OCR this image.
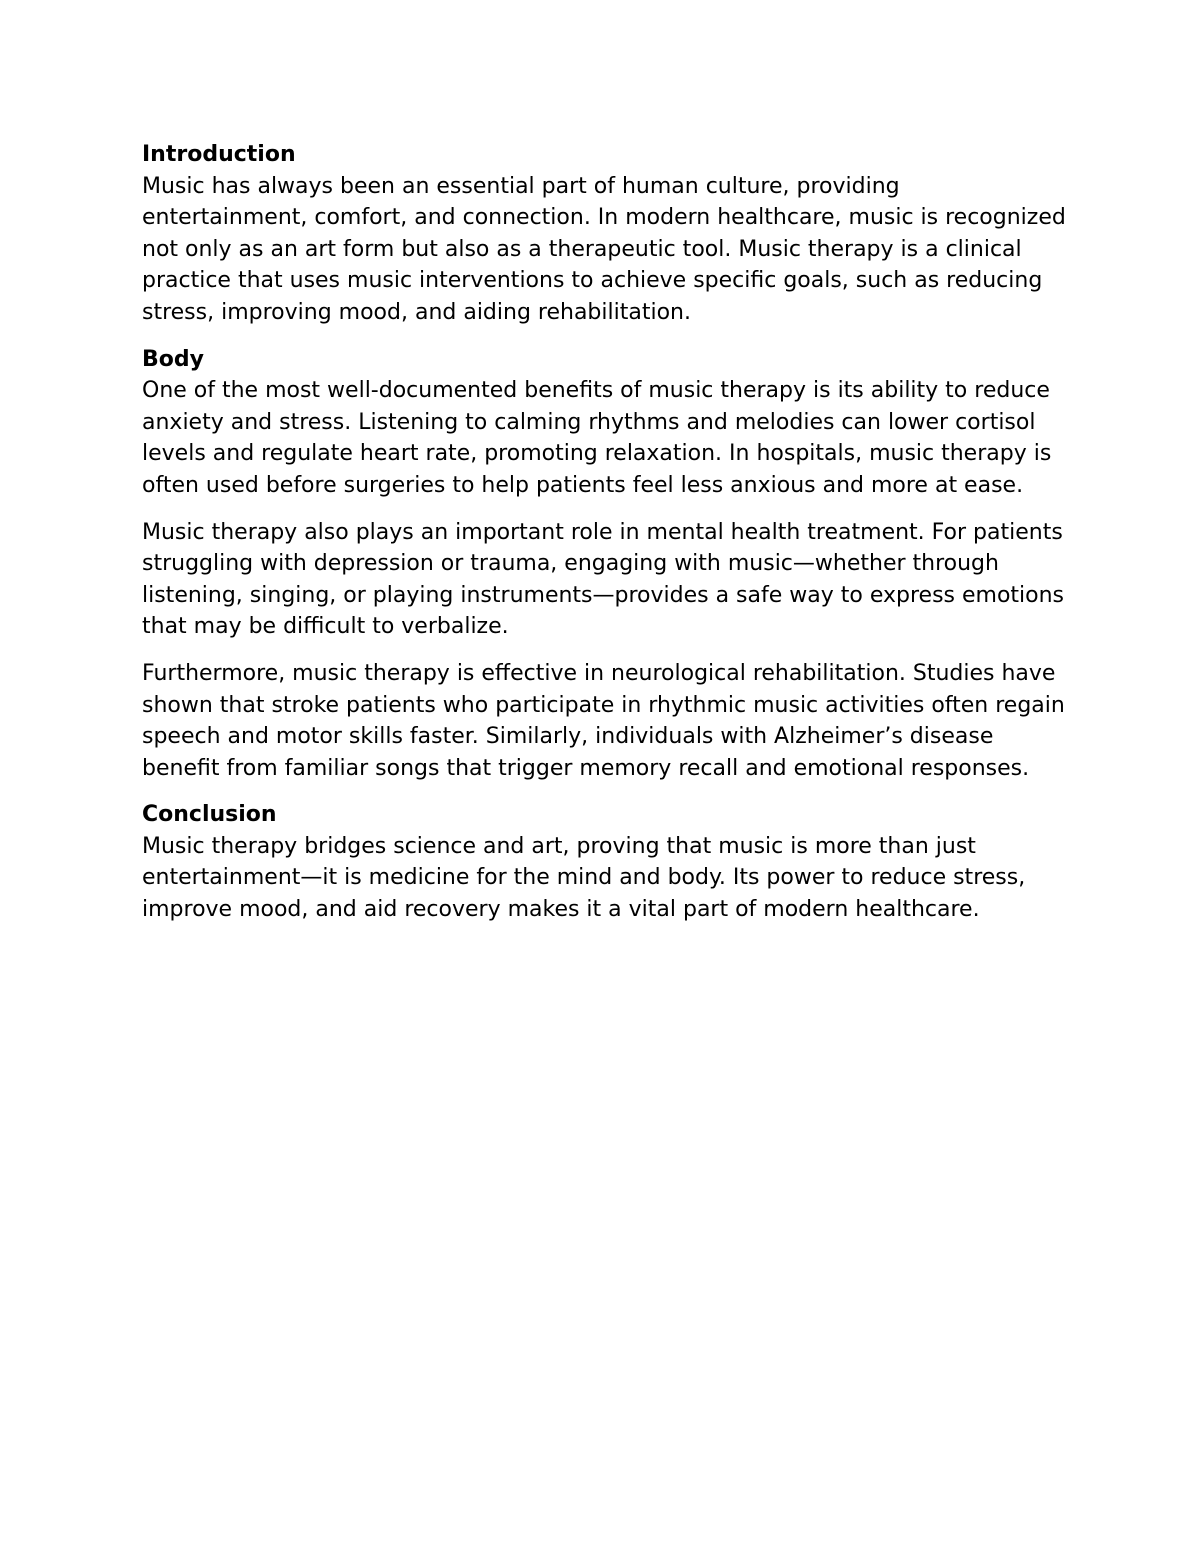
Introduction
Music has always been an essential part of human culture, providing entertainment, comfort, and connection. In modern healthcare, music is recognized not only as an art form but also as a therapeutic tool. Music therapy is a clinical practice that uses music interventions to achieve specific goals, such as reducing stress, improving mood, and aiding rehabilitation.
Body
One of the most well-documented benefits of music therapy is its ability to reduce anxiety and stress. Listening to calming rhythms and melodies can lower cortisol levels and regulate heart rate, promoting relaxation. In hospitals, music therapy is often used before surgeries to help patients feel less anxious and more at ease.
Music therapy also plays an important role in mental health treatment. For patients struggling with depression or trauma, engaging with music—whether through listening, singing, or playing instruments—provides a safe way to express emotions that may be difficult to verbalize.
Furthermore, music therapy is effective in neurological rehabilitation. Studies have shown that stroke patients who participate in rhythmic music activities often regain speech and motor skills faster. Similarly, individuals with Alzheimer’s disease benefit from familiar songs that trigger memory recall and emotional responses.
Conclusion
Music therapy bridges science and art, proving that music is more than just entertainment—it is medicine for the mind and body. Its power to reduce stress, improve mood, and aid recovery makes it a vital part of modern healthcare.
